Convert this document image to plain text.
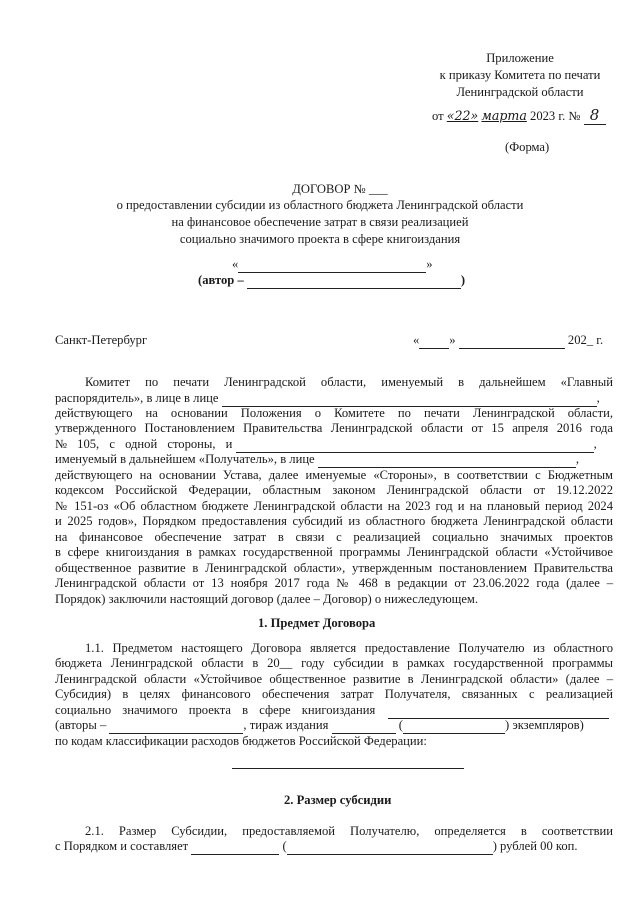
Приложение
к приказу Комитета по печати
Ленинградской области
от «22» марта 2023 г. № 8
(Форма)
ДОГОВОР № ___
о предоставлении субсидии из областного бюджета Ленинградской области
на финансовое обеспечение затрат в связи реализацией
социально значимого проекта в сфере книгоиздания
«	»
(автор –	)
Санкт-Петербург	« »	202_ г.
Комитет по печати Ленинградской области, именуемый в дальнейшем «Главный
распорядитель», в лице в лице	,
действующего на основании Положения о Комитете по печати Ленинградской области,
утвержденного Постановлением Правительства Ленинградской области от 15 апреля 2016 года
№ 105, с одной стороны, и	,
именуемый в дальнейшем «Получатель», в лице	,
действующего на основании Устава, далее именуемые «Стороны», в соответствии с Бюджетным
кодексом Российской Федерации, областным законом Ленинградской области от 19.12.2022
№ 151-оз «Об областном бюджете Ленинградской области на 2023 год и на плановый период 2024
и 2025 годов», Порядком предоставления субсидий из областного бюджета Ленинградской области
на финансовое обеспечение затрат в связи с реализацией социально значимых проектов
в сфере книгоиздания в рамках государственной программы Ленинградской области «Устойчивое
общественное развитие в Ленинградской области», утвержденным постановлением Правительства
Ленинградской области от 13 ноября 2017 года № 468 в редакции от 23.06.2022 года (далее –
Порядок) заключили настоящий договор (далее – Договор) о нижеследующем.
1. Предмет Договора
1.1. Предметом настоящего Договора является предоставление Получателю из областного
бюджета Ленинградской области в 20__ году субсидии в рамках государственной программы
Ленинградской области «Устойчивое общественное развитие в Ленинградской области» (далее –
Субсидия) в целях финансового обеспечения затрат Получателя, связанных с реализацией
социально значимого проекта в сфере книгоиздания
(авторы –	, тираж издания	(	) экземпляров)
по кодам классификации расходов бюджетов Российской Федерации:
2. Размер субсидии
2.1. Размер Субсидии, предоставляемой Получателю, определяется в соответствии
с Порядком и составляет	(	) рублей 00 коп.
